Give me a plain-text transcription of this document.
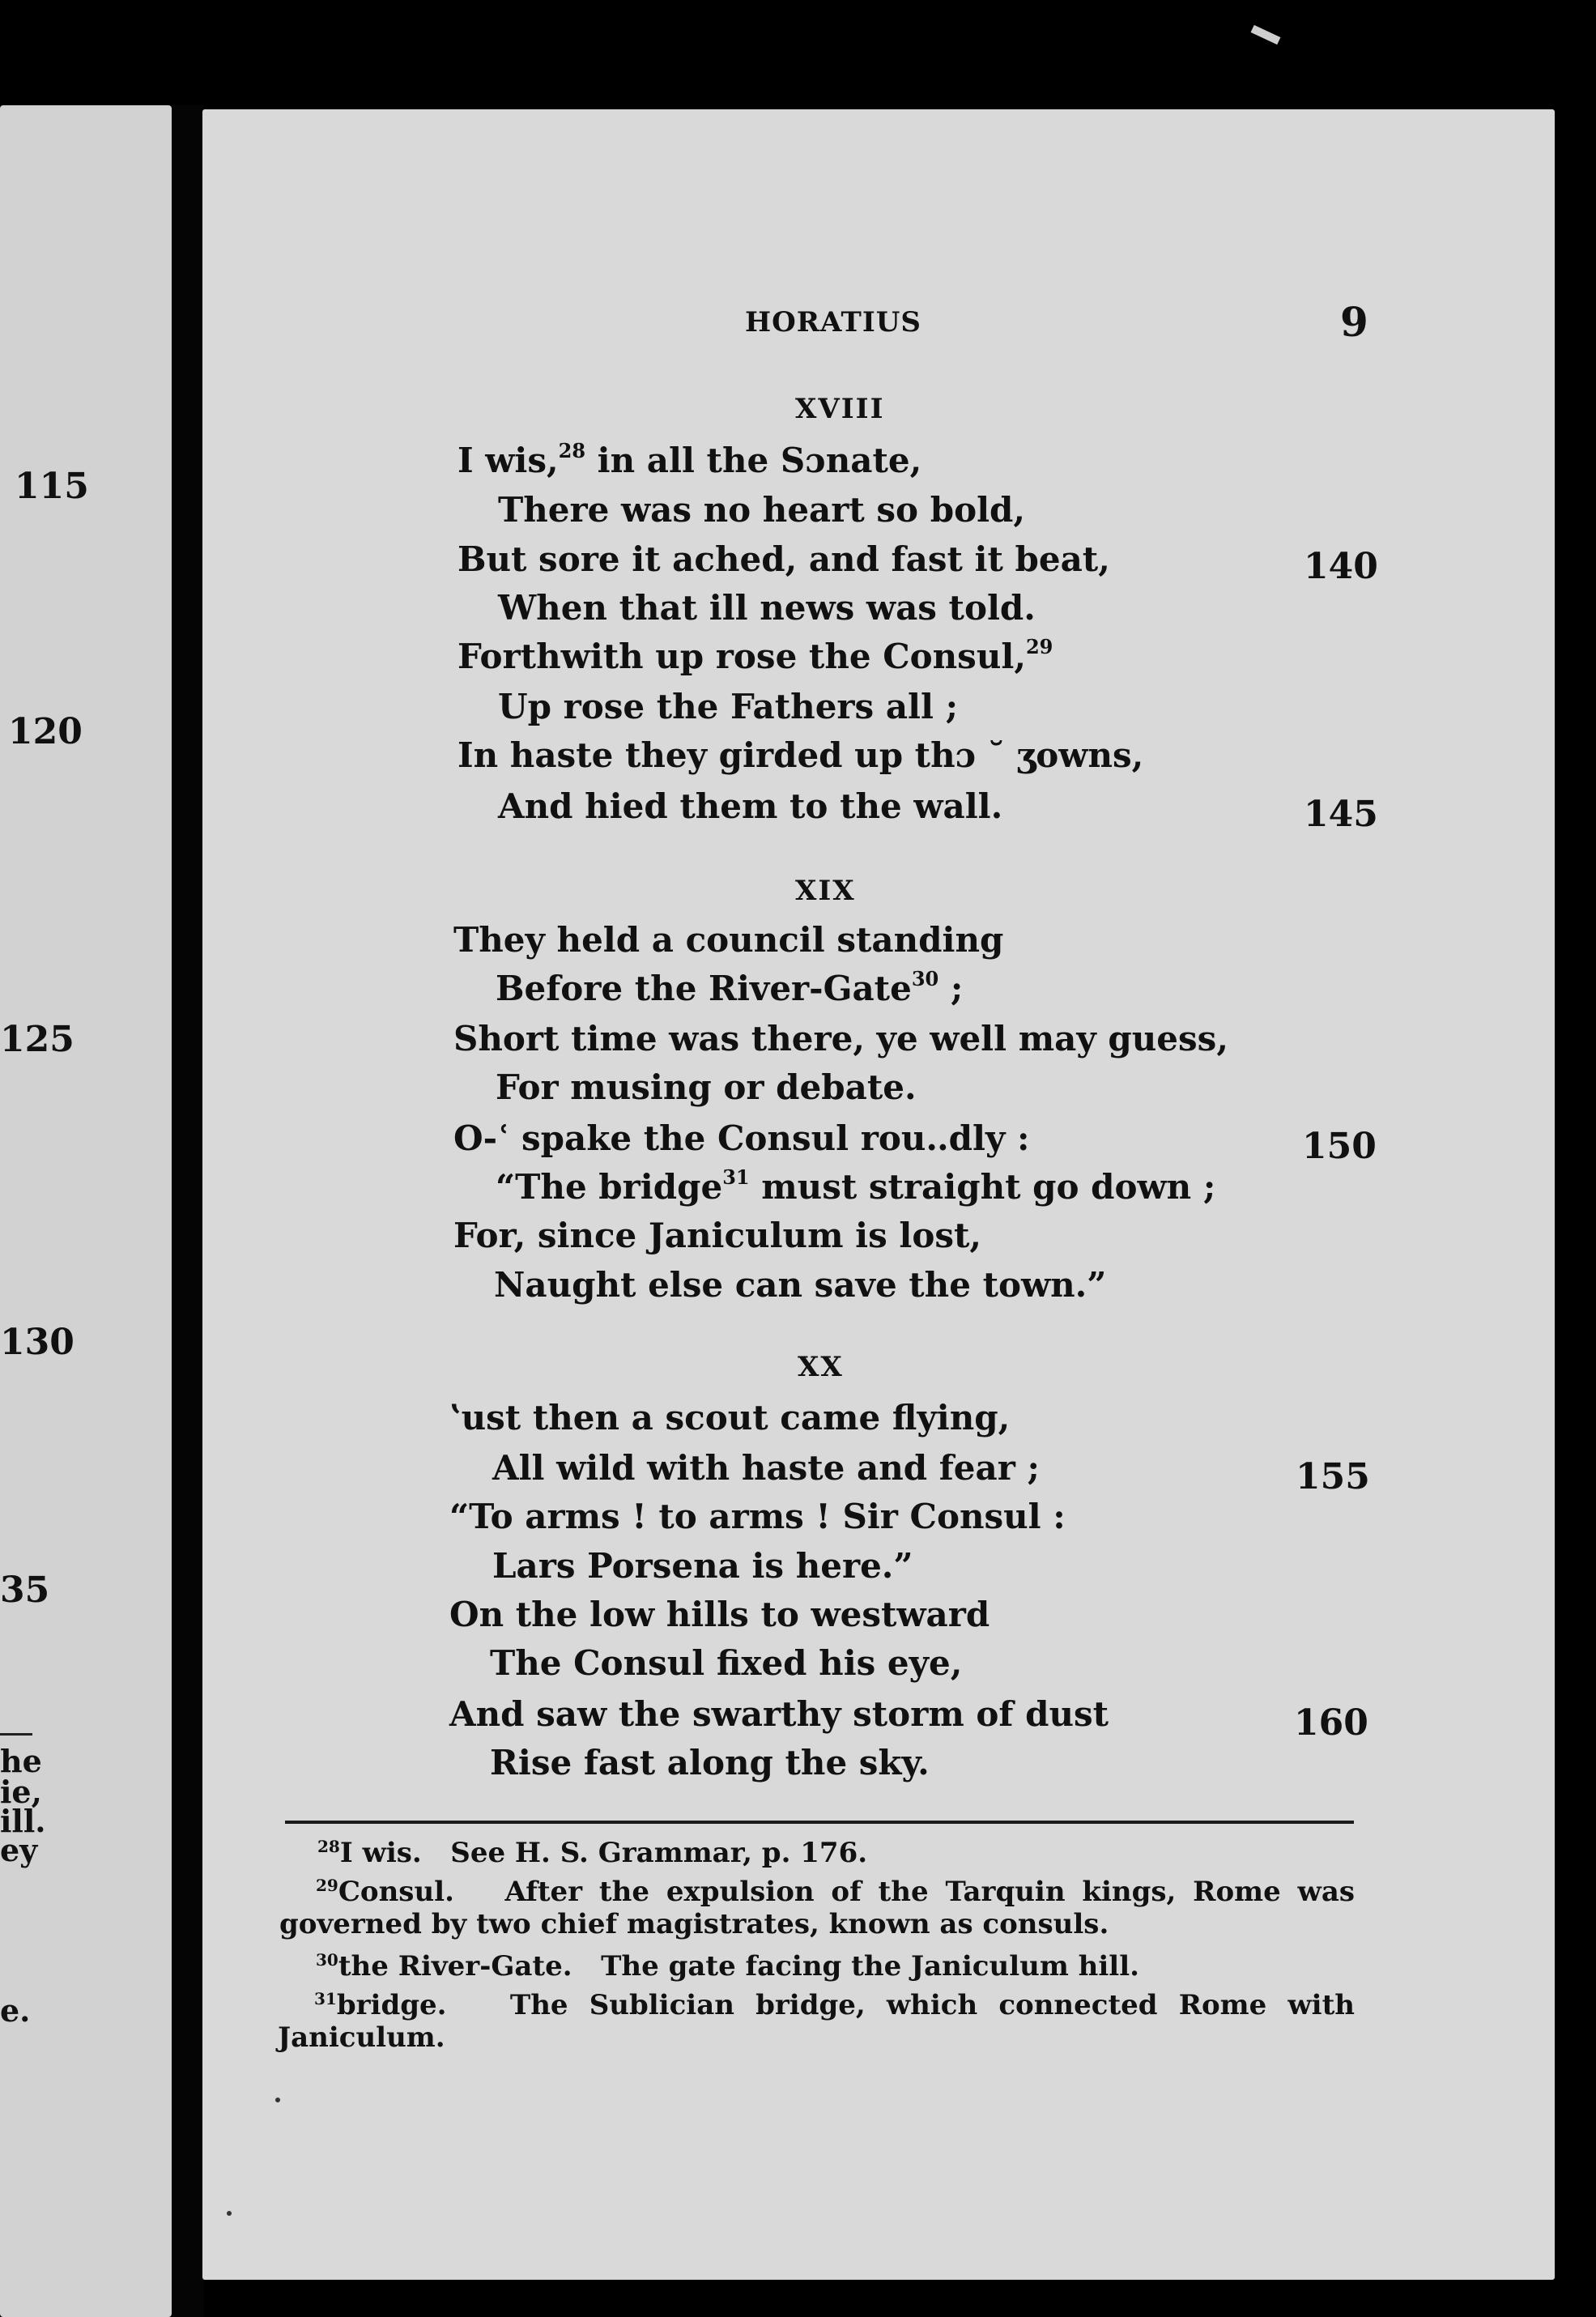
115
120
125
130
35
he
ie,
ill.
ey
e.
HORATIUS	9
XVIII
I wis,$^{28}$ in all the Sɔnate,
There was no heart so bold,
But sore it ached, and fast it beat,	140
When that ill news was told.
Forthwith up rose the Consul,$^{29}$
Up rose the Fathers all ;
In haste they girded up thɔ ˘ ʒowns,
And hied them to the wall.	145
XIX
They held a council standing
Before the River-Gate$^{30}$ ;
Short time was there, ye well may guess,
For musing or debate.
O‐ʿ spake the Consul rou‥dly :	150
“The bridge$^{31}$ must straight go down ;
For, since Janiculum is lost,
Naught else can save the town.”
XX
ʽust then a scout came flying,
All wild with haste and fear ;	155
“To arms ! to arms ! Sir Consul :
Lars Porsena is here.”
On the low hills to westward
The Consul fixed his eye,
And saw the swarthy storm of dust	160
Rise fast along the sky.
$^{28}$I wis. See H. S. Grammar, p. 176.
$^{29}$Consul. After the expulsion of the Tarquin kings, Rome was governed by two chief magistrates, known as consuls.
$^{30}$the River-Gate. The gate facing the Janiculum hill.
$^{31}$bridge. The Sublician bridge, which connected Rome with Janiculum.
